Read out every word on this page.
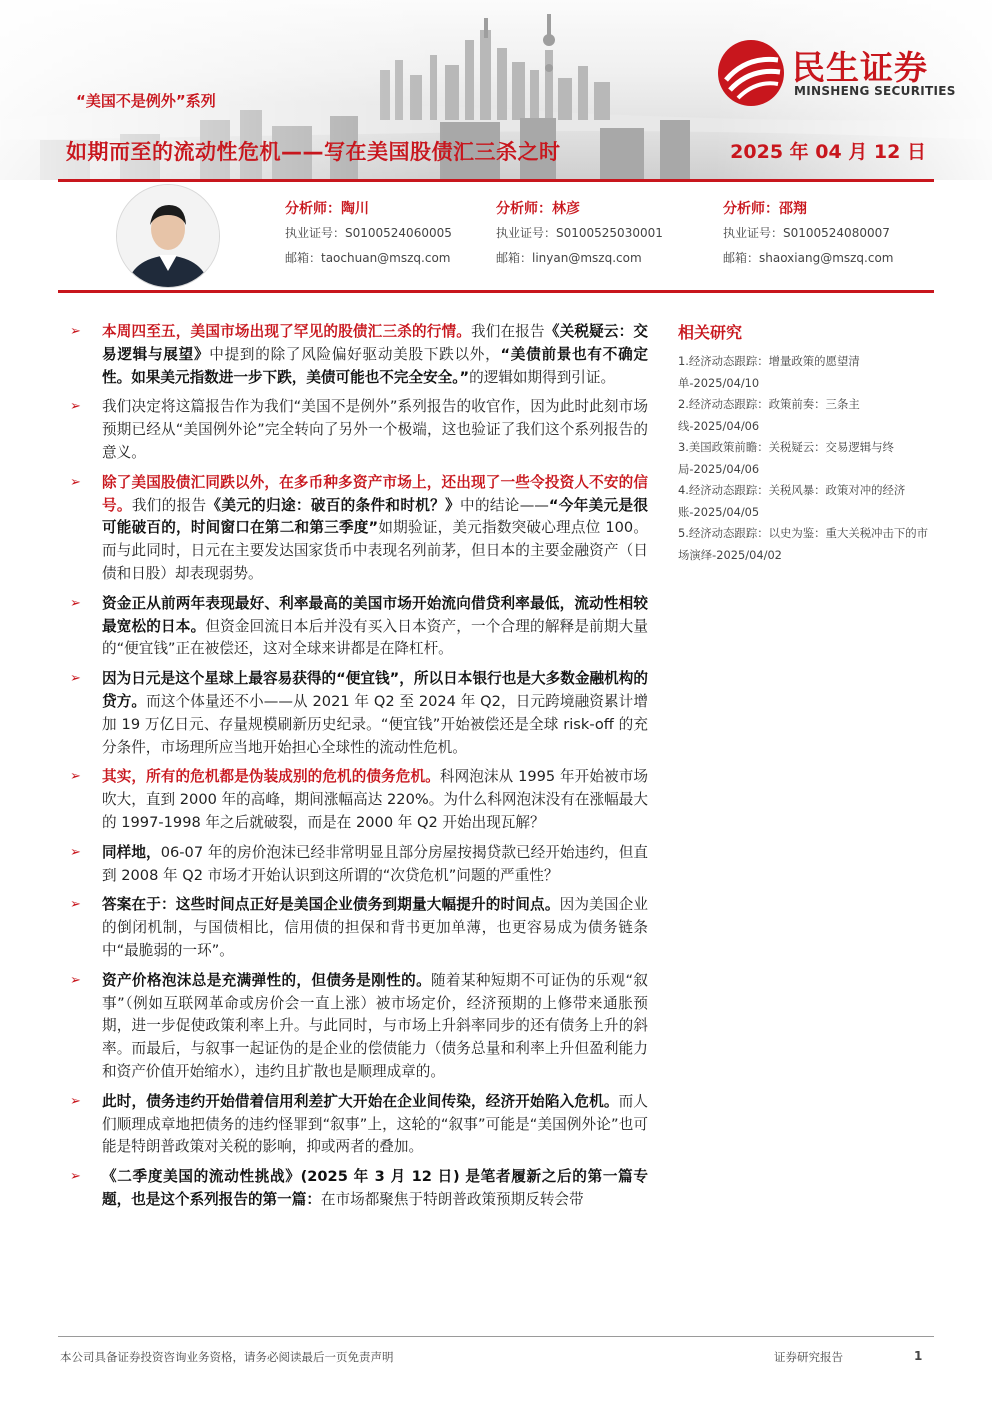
“美国不是例外”系列
如期而至的流动性危机——写在美国股债汇三杀之时	2025 年 04 月 12 日
民生证券
MINSHENG SECURITIES
分析师：陶川
执业证号：S0100524060005
邮箱：taochuan@mszq.com
分析师：林彦
执业证号：S0100525030001
邮箱：linyan@mszq.com
分析师：邵翔
执业证号：S0100524080007
邮箱：shaoxiang@mszq.com

➢ 本周四至五，美国市场出现了罕见的股债汇三杀的行情。我们在报告《关税疑云：交易逻辑与展望》中提到的除了风险偏好驱动美股下跌以外，“美债前景也有不确定性。如果美元指数进一步下跌，美债可能也不完全安全。”的逻辑如期得到引证。

➢ 我们决定将这篇报告作为我们“美国不是例外”系列报告的收官作，因为此时此刻市场预期已经从“美国例外论”完全转向了另外一个极端，这也验证了我们这个系列报告的意义。

➢ 除了美国股债汇同跌以外，在多币种多资产市场上，还出现了一些令投资人不安的信号。我们的报告《美元的归途：破百的条件和时机？》中的结论——“今年美元是很可能破百的，时间窗口在第二和第三季度”如期验证，美元指数突破心理点位 100。而与此同时，日元在主要发达国家货币中表现名列前茅，但日本的主要金融资产（日债和日股）却表现弱势。

➢ 资金正从前两年表现最好、利率最高的美国市场开始流向借贷利率最低，流动性相较最宽松的日本。但资金回流日本后并没有买入日本资产，一个合理的解释是前期大量的“便宜钱”正在被偿还，这对全球来讲都是在降杠杆。

➢ 因为日元是这个星球上最容易获得的“便宜钱”，所以日本银行也是大多数金融机构的贷方。而这个体量还不小——从 2021 年 Q2 至 2024 年 Q2，日元跨境融资累计增加 19 万亿日元、存量规模刷新历史纪录。“便宜钱”开始被偿还是全球 risk-off 的充分条件，市场理所应当地开始担心全球性的流动性危机。

➢ 其实，所有的危机都是伪装成别的危机的债务危机。科网泡沫从 1995 年开始被市场吹大，直到 2000 年的高峰，期间涨幅高达 220%。为什么科网泡沫没有在涨幅最大的 1997-1998 年之后就破裂，而是在 2000 年 Q2 开始出现瓦解？

➢ 同样地，06-07 年的房价泡沫已经非常明显且部分房屋按揭贷款已经开始违约，但直到 2008 年 Q2 市场才开始认识到这所谓的“次贷危机”问题的严重性？

➢ 答案在于：这些时间点正好是美国企业债务到期量大幅提升的时间点。因为美国企业的倒闭机制，与国债相比，信用债的担保和背书更加单薄，也更容易成为债务链条中“最脆弱的一环”。

➢ 资产价格泡沫总是充满弹性的，但债务是刚性的。随着某种短期不可证伪的乐观“叙事”（例如互联网革命或房价会一直上涨）被市场定价，经济预期的上修带来通胀预期，进一步促使政策利率上升。与此同时，与市场上升斜率同步的还有债务上升的斜率。而最后，与叙事一起证伪的是企业的偿债能力（债务总量和利率上升但盈利能力和资产价值开始缩水），违约且扩散也是顺理成章的。

➢ 此时，债务违约开始借着信用利差扩大开始在企业间传染，经济开始陷入危机。而人们顺理成章地把债务的违约怪罪到“叙事”上，这轮的“叙事”可能是“美国例外论”也可能是特朗普政策对关税的影响，抑或两者的叠加。

➢ 《二季度美国的流动性挑战》(2025 年 3 月 12 日) 是笔者履新之后的第一篇专题，也是这个系列报告的第一篇：在市场都聚焦于特朗普政策预期反转会带

相关研究

1.经济动态跟踪：增量政策的愿望清单-2025/04/10

2.经济动态跟踪：政策前奏：三条主线-2025/04/06

3.美国政策前瞻：关税疑云：交易逻辑与终局-2025/04/06

4.经济动态跟踪：关税风暴：政策对冲的经济账-2025/04/05

5.经济动态跟踪：以史为鉴：重大关税冲击下的市场演绎-2025/04/02

本公司具备证券投资咨询业务资格，请务必阅读最后一页免责声明	证券研究报告	1
